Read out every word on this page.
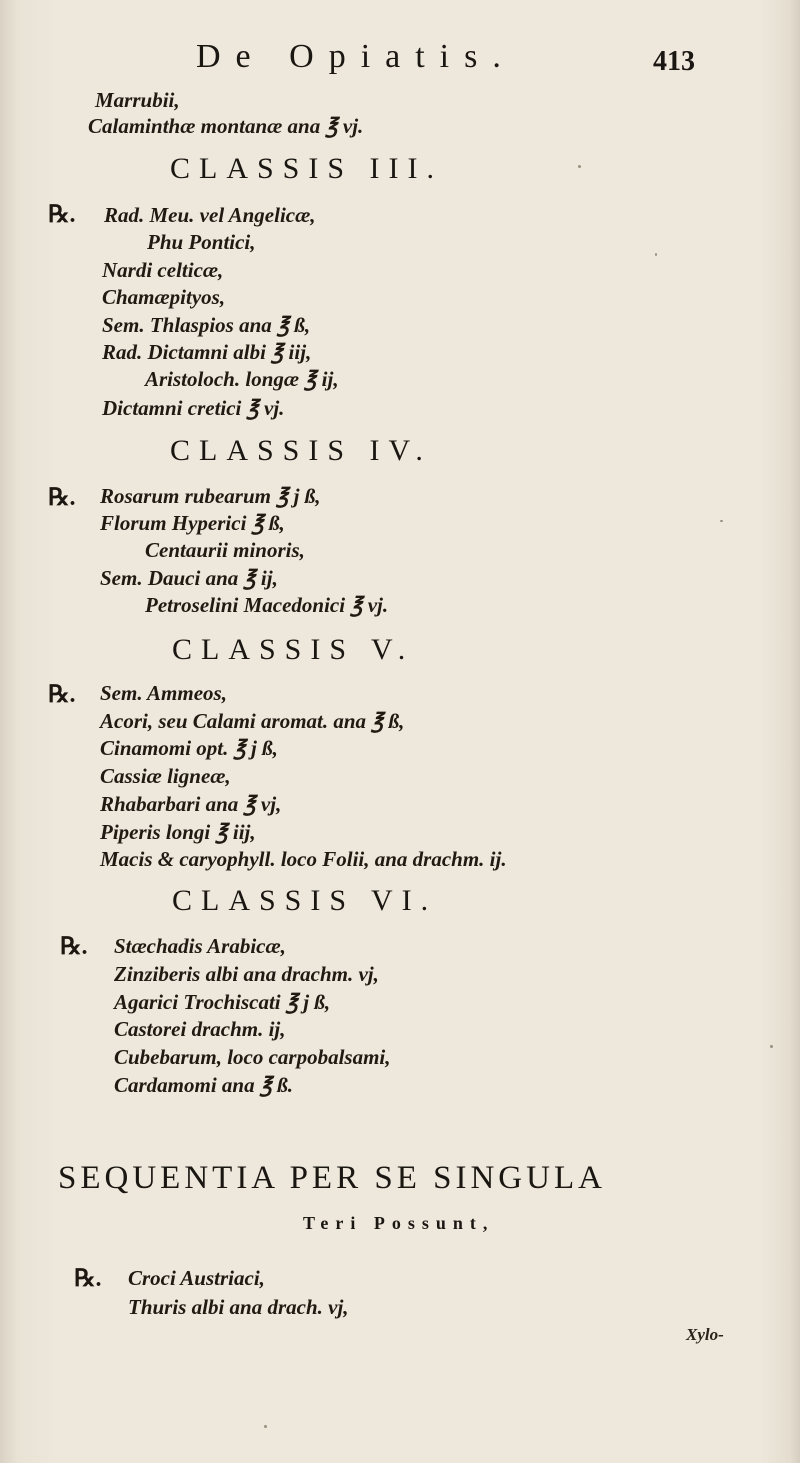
De Opiatis.	413
Marrubii,
Calaminthæ montanæ ana ℥ vj.
CLASSIS III.
℞. Rad. Meu. vel Angelicæ,
Phu Pontici,
Nardi celticæ,
Chamæpityos,
Sem. Thlaspios ana ℥ ß,
Rad. Dictamni albi ℥ iij,
Aristoloch. longæ ℥ ij,
Dictamni cretici ℥ vj.
CLASSIS IV.
℞. Rosarum rubearum ℥ j ß,
Florum Hyperici ℥ ß,
Centaurii minoris,
Sem. Dauci ana ℥ ij,
Petroselini Macedonici ℥ vj.
CLASSIS V.
℞. Sem. Ammeos,
Acori, seu Calami aromat. ana ℥ ß,
Cinamomi opt. ℥ j ß,
Cassiæ ligneæ,
Rhabarbari ana ℥ vj,
Piperis longi ℥ iij,
Macis & caryophyll. loco Folii, ana drachm. ij.
CLASSIS VI.
℞. Stæchadis Arabicæ,
Zinziberis albi ana drachm. vj,
Agarici Trochiscati ℥ j ß,
Castorei drachm. ij,
Cubebarum, loco carpobalsami,
Cardamomi ana ℥ ß.
SEQUENTIA PER SE SINGULA
Teri Possunt,
℞. Croci Austriaci,
Thuris albi ana drach. vj,
Xylo-
